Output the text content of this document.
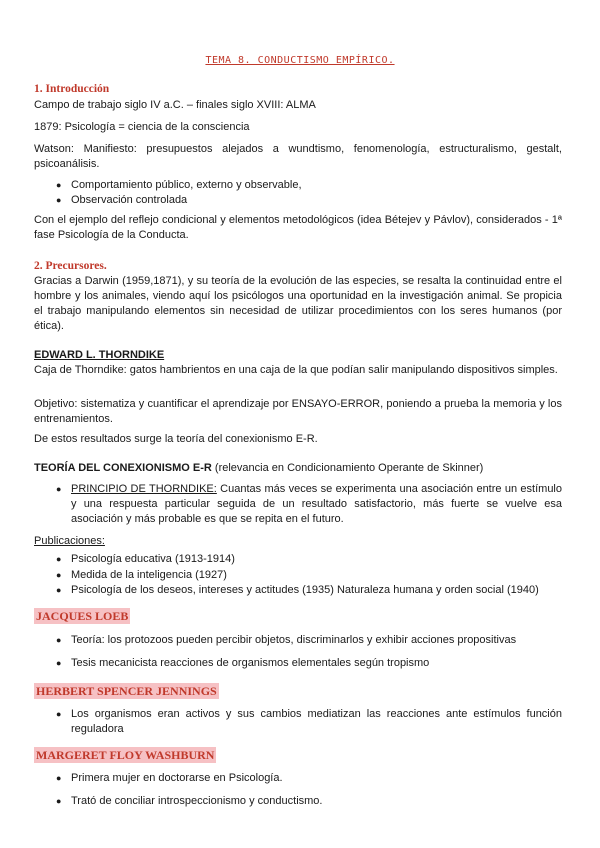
TEMA 8. CONDUCTISMO EMPÍRICO.
1. Introducción
Campo de trabajo siglo IV a.C. – finales siglo XVIII: ALMA
1879: Psicología = ciencia de la consciencia
Watson: Manifiesto: presupuestos alejados a wundtismo, fenomenología, estructuralismo, gestalt, psicoanálisis.
● Comportamiento público, externo y observable,
● Observación controlada
Con el ejemplo del reflejo condicional y elementos metodológicos (idea Bétejev y Pávlov), considerados - 1ª fase Psicología de la Conducta.
2. Precursores.
Gracias a Darwin (1959,1871), y su teoría de la evolución de las especies, se resalta la continuidad entre el hombre y los animales, viendo aquí los psicólogos una oportunidad en la investigación animal. Se propicia el trabajo manipulando elementos sin necesidad de utilizar procedimientos con los seres humanos (por ética).
EDWARD L. THORNDIKE
Caja de Thorndike: gatos hambrientos en una caja de la que podían salir manipulando dispositivos simples.
Objetivo: sistematiza y cuantificar el aprendizaje por ENSAYO-ERROR, poniendo a prueba la memoria y los entrenamientos.
De estos resultados surge la teoría del conexionismo E-R.
TEORÍA DEL CONEXIONISMO E-R (relevancia en Condicionamiento Operante de Skinner)
● PRINCIPIO DE THORNDIKE: Cuantas más veces se experimenta una asociación entre un estímulo y una respuesta particular seguida de un resultado satisfactorio, más fuerte se vuelve esa asociación y más probable es que se repita en el futuro.
Publicaciones:
● Psicología educativa (1913-1914)
● Medida de la inteligencia (1927)
● Psicología de los deseos, intereses y actitudes (1935) Naturaleza humana y orden social (1940)
JACQUES LOEB
● Teoría: los protozoos pueden percibir objetos, discriminarlos y exhibir acciones propositivas
● Tesis mecanicista reacciones de organismos elementales según tropismo
HERBERT SPENCER JENNINGS
● Los organismos eran activos y sus cambios mediatizan las reacciones ante estímulos función reguladora
MARGERET FLOY WASHBURN
● Primera mujer en doctorarse en Psicología.
● Trató de conciliar introspeccionismo y conductismo.
